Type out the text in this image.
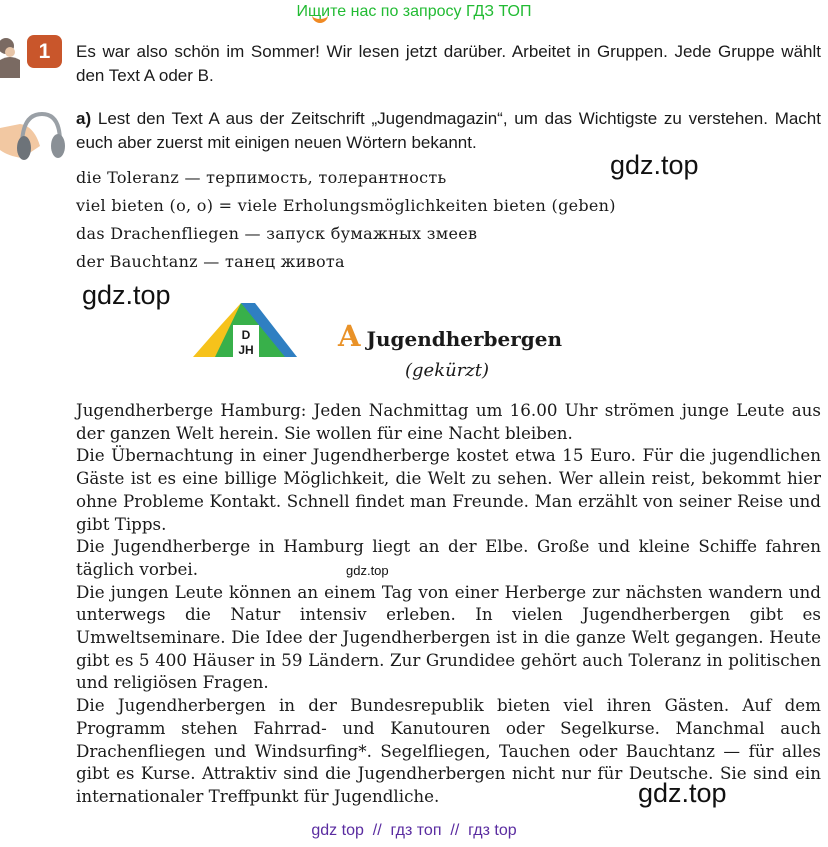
Ищите нас по запросу ГДЗ ТОП
1	Es war also schön im Sommer! Wir lesen jetzt darüber. Arbeitet in Gruppen. Jede Gruppe wählt den Text A oder B.
a) Lest den Text A aus der Zeitschrift „Jugendmagazin“, um das Wichtigste zu verstehen. Macht euch aber zuerst mit einigen neuen Wörtern bekannt.
die Toleranz — терпимость, толерантность
viel bieten (o, o) = viele Erholungsmöglichkeiten bieten (geben)
das Drachenfliegen — запуск бумажных змеев
der Bauchtanz — танец живота
gdz.top
gdz.top
gdz.top
gdz.top
D
JH	A Jugendherbergen
(gekürzt)

Jugendherberge Hamburg: Jeden Nachmittag um 16.00 Uhr strömen junge Leute aus der ganzen Welt herein. Sie wollen für eine Nacht bleiben.

Die Übernachtung in einer Jugendherberge kostet etwa 15 Euro. Für die jugendlichen Gäste ist es eine billige Möglichkeit, die Welt zu sehen. Wer allein reist, bekommt hier ohne Probleme Kontakt. Schnell findet man Freunde. Man erzählt von seiner Reise und gibt Tipps.

Die Jugendherberge in Hamburg liegt an der Elbe. Große und kleine Schiffe fahren täglich vorbei.

Die jungen Leute können an einem Tag von einer Herberge zur nächsten wandern und unterwegs die Natur intensiv erleben. In vielen Jugendherbergen gibt es Umweltseminare. Die Idee der Jugendherbergen ist in die ganze Welt gegangen. Heute gibt es 5 400 Häuser in 59 Ländern. Zur Grundidee gehört auch Toleranz in politischen und religiösen Fragen.

Die Jugendherbergen in der Bundesrepublik bieten viel ihren Gästen. Auf dem Programm stehen Fahrrad- und Kanutouren oder Segelkurse. Manchmal auch Drachenfliegen und Windsurfing*. Segelfliegen, Tauchen oder Bauchtanz — für alles gibt es Kurse. Attraktiv sind die Jugendherbergen nicht nur für Deutsche. Sie sind ein internationaler Treffpunkt für Jugendliche.

gdz top  //  гдз топ  //  гдз top
